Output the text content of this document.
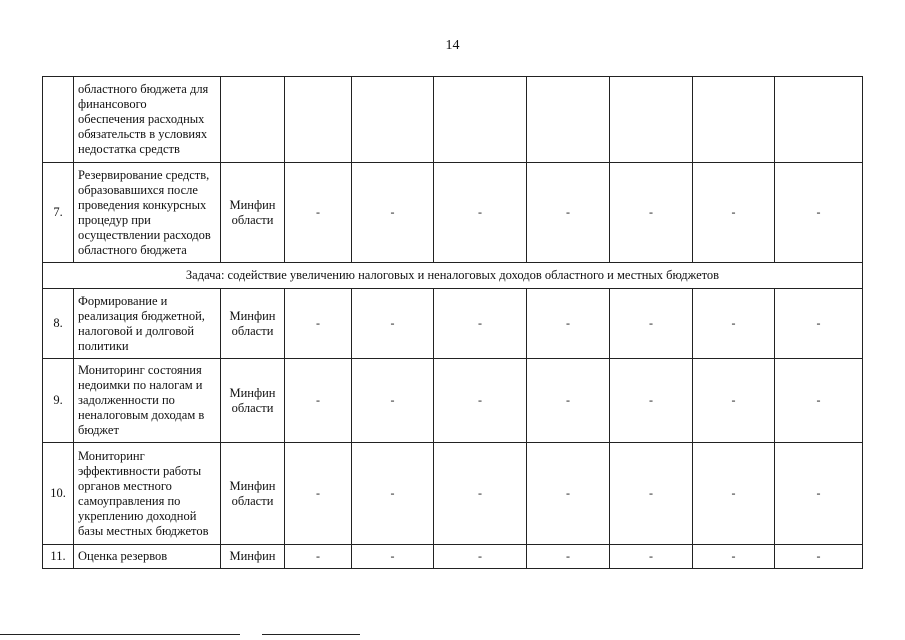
14
	областного бюджета для финансового обеспечения расходных обязательств в условиях недостатка средств								
7.	Резервирование средств, образовавшихся после проведения конкурсных процедур при осуществлении расходов областного бюджета	Минфин области	-	-	-	-	-	-	-
Задача: содействие увеличению налоговых и неналоговых доходов областного и местных бюджетов									
8.	Формирование и реализация бюджетной, налоговой и долговой политики	Минфин области	-	-	-	-	-	-	-
9.	Мониторинг состояния недоимки по налогам и задолженности по неналоговым доходам в бюджет	Минфин области	-	-	-	-	-	-	-
10.	Мониторинг эффективности работы органов местного самоуправления по укреплению доходной базы местных бюджетов	Минфин области	-	-	-	-	-	-	-
11.	Оценка резервов	Минфин	-	-	-	-	-	-	-
